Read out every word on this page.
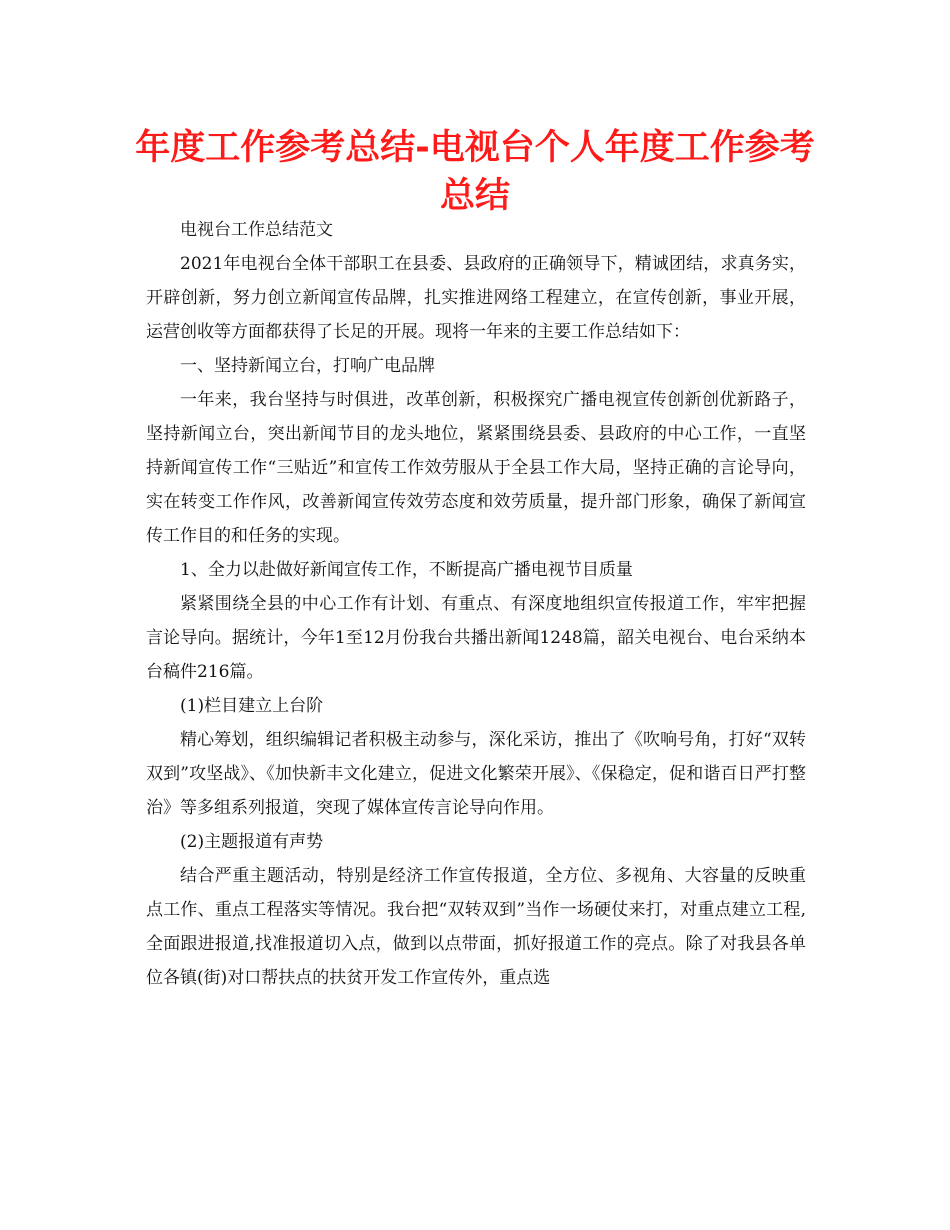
年度工作参考总结-电视台个人年度工作参考总结

电视台工作总结范文

2021年电视台全体干部职工在县委、县政府的正确领导下，精诚团结，求真务实，开辟创新，努力创立新闻宣传品牌，扎实推进网络工程建立，在宣传创新，事业开展，运营创收等方面都获得了长足的开展。现将一年来的主要工作总结如下：

一、坚持新闻立台，打响广电品牌

一年来，我台坚持与时俱进，改革创新，积极探究广播电视宣传创新创优新路子，坚持新闻立台，突出新闻节目的龙头地位，紧紧围绕县委、县政府的中心工作，一直坚持新闻宣传工作“三贴近”和宣传工作效劳服从于全县工作大局，坚持正确的言论导向，实在转变工作作风，改善新闻宣传效劳态度和效劳质量，提升部门形象，确保了新闻宣传工作目的和任务的实现。

1、全力以赴做好新闻宣传工作，不断提高广播电视节目质量

紧紧围绕全县的中心工作有计划、有重点、有深度地组织宣传报道工作，牢牢把握言论导向。据统计，今年1至12月份我台共播出新闻1248篇，韶关电视台、电台采纳本台稿件216篇。

(1)栏目建立上台阶

精心筹划，组织编辑记者积极主动参与，深化采访，推出了《吹响号角，打好“双转双到”攻坚战》、《加快新丰文化建立，促进文化繁荣开展》、《保稳定，促和谐百日严打整治》等多组系列报道，突现了媒体宣传言论导向作用。

(2)主题报道有声势

结合严重主题活动，特别是经济工作宣传报道，全方位、多视角、大容量的反映重点工作、重点工程落实等情况。我台把“双转双到”当作一场硬仗来打，对重点建立工程,全面跟进报道,找准报道切入点，做到以点带面，抓好报道工作的亮点。除了对我县各单位各镇(街)对口帮扶点的扶贫开发工作宣传外，重点选
